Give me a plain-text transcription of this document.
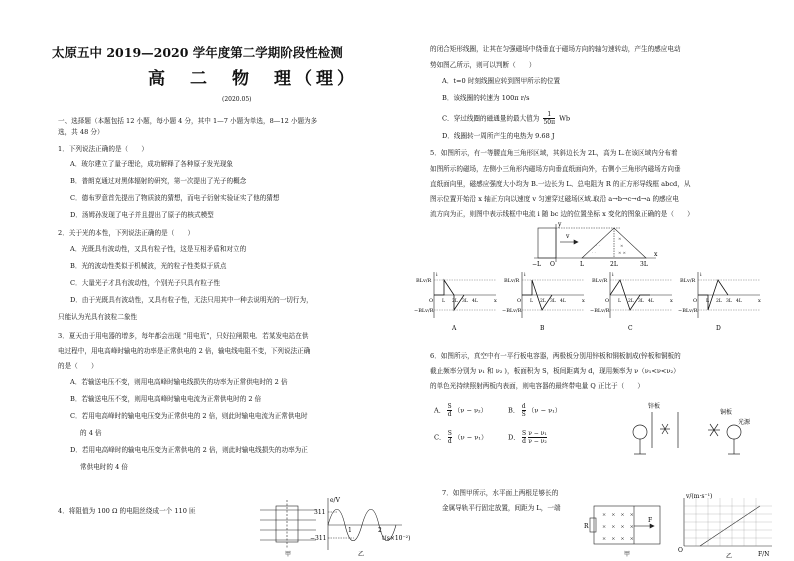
太原五中 2019—2020 学年度第二学期阶段性检测
高　二　物　理（理）
(2020.05)
一、选择题（本题包括 12 小题，每小题 4 分，其中 1—7 小题为单选，8—12 小题为多
选，共 48 分）
1．下列说法正确的是（　　）
A．玻尔建立了量子理论，成功解释了各种原子发光现象
B．普朗克通过对黑体辐射的研究，第一次提出了光子的概念
C．德布罗意首先提出了物质波的猜想，而电子衍射实验证实了他的猜想
D．汤姆孙发现了电子并且提出了原子的核式模型
2．关于光的本性，下列说法正确的是（　　）
A．光既具有波动性，又具有粒子性，这是互相矛盾和对立的
B．光的波动性类似于机械波，光的粒子性类似于质点
C．大量光子才具有波动性，个别光子只具有粒子性
D．由于光既具有波动性，又具有粒子性，无法只用其中一种去说明光的一切行为，
只能认为光具有波粒二象性
3．夏天由于用电器的增多，每年都会出现 “用电荒”，只好拉闸限电．若某发电站在供
电过程中，用电高峰时输电的功率是正常供电的 2 倍，输电线电阻不变，下列说法正确
的是（　　）
A．若输送电压不变，则用电高峰时输电线损失的功率为正常供电时的 2 倍
B．若输送电压不变，则用电高峰时输电电流为正常供电时的 2 倍
C．若用电高峰时的输电电压变为正常供电的 2 倍，则此时输电电流为正常供电时
的 4 倍
D．若用电高峰时的输电电压变为正常供电的 2 倍，则此时输电线损失的功率为正
常供电时的 4 倍
4．将阻值为 100 Ω 的电阻丝绕成一个 110 匝
甲
e/V
311
−311
1	2
t(s×10⁻²)
乙
的闭合矩形线圈，让其在匀强磁场中绕垂直于磁场方向的轴匀速转动，产生的感应电动
势如图乙所示，则可以判断（　　）
A．t=0 时刻线圈应转到图甲所示的位置
B．该线圈的转速为 100π r/s
C．穿过线圈的磁通量的最大值为 $\frac{1}{50\pi}$ Wb
D．线圈转一周所产生的电热为 9.68 J
5．如图所示，有一等腰直角三角形区域，其斜边长为 2L，高为 L.在该区域内分布着
如图所示的磁场，左侧小三角形内磁场方向垂直纸面向外，右侧小三角形内磁场方向垂
直纸面向里，磁感应强度大小均为 B.一边长为 L、总电阻为 R 的正方形导线框 abcd，从
图示位置开始沿 x 轴正方向以速度 v 匀速穿过磁场区域.取沿 a→b→c→d→a 的感应电
流方向为正，则图中表示线框中电流 i 随 bc 边的位置坐标 x 变化的图象正确的是（　　）
· ·
· ·
·
× ×
×
×
v
y
x
O
−L	L	2L	3L
BLv/R
−BLv/R
i
x
O L 2L 3L 4L
A
BLv/R
−BLv/R
i
x
O L 2L 3L 4L
B
BLv/R
−BLv/R
i
x
O L 2L 3L 4L
C
BLv/R
−BLv/R
i
x
O L 2L 3L 4L
D
6．如图所示，真空中有一平行板电容器，两极板分别用锌板和铜板制成(锌板和铜板的
截止频率分别为 ν₁ 和 ν₂ )，板面积为 S，板间距离为 d，现用频率为 ν（ν₁<ν<ν₂）
的单色光持续照射两板内表面，则电容器的最终带电量 Q 正比于（　　）
A． $\frac{S}{d} (\nu - \nu_2)$	B． $\frac{d}{S} (\nu - \nu_1)$
C． $\frac{S}{d} (\nu - \nu_1)$	D． $\frac{S}{d}$
$\frac{\text{ν − ν₁}}{\text{ν − ν₂}}$
锌板
铜板
光源
7．如图甲所示，水平面上两根足够长的
金属导轨平行固定放置，间距为 L，一端
×　×　×　×
×　×　×　×
×　×　×　×
R
F
甲
v/(m·s⁻¹)
F/N
O
乙
